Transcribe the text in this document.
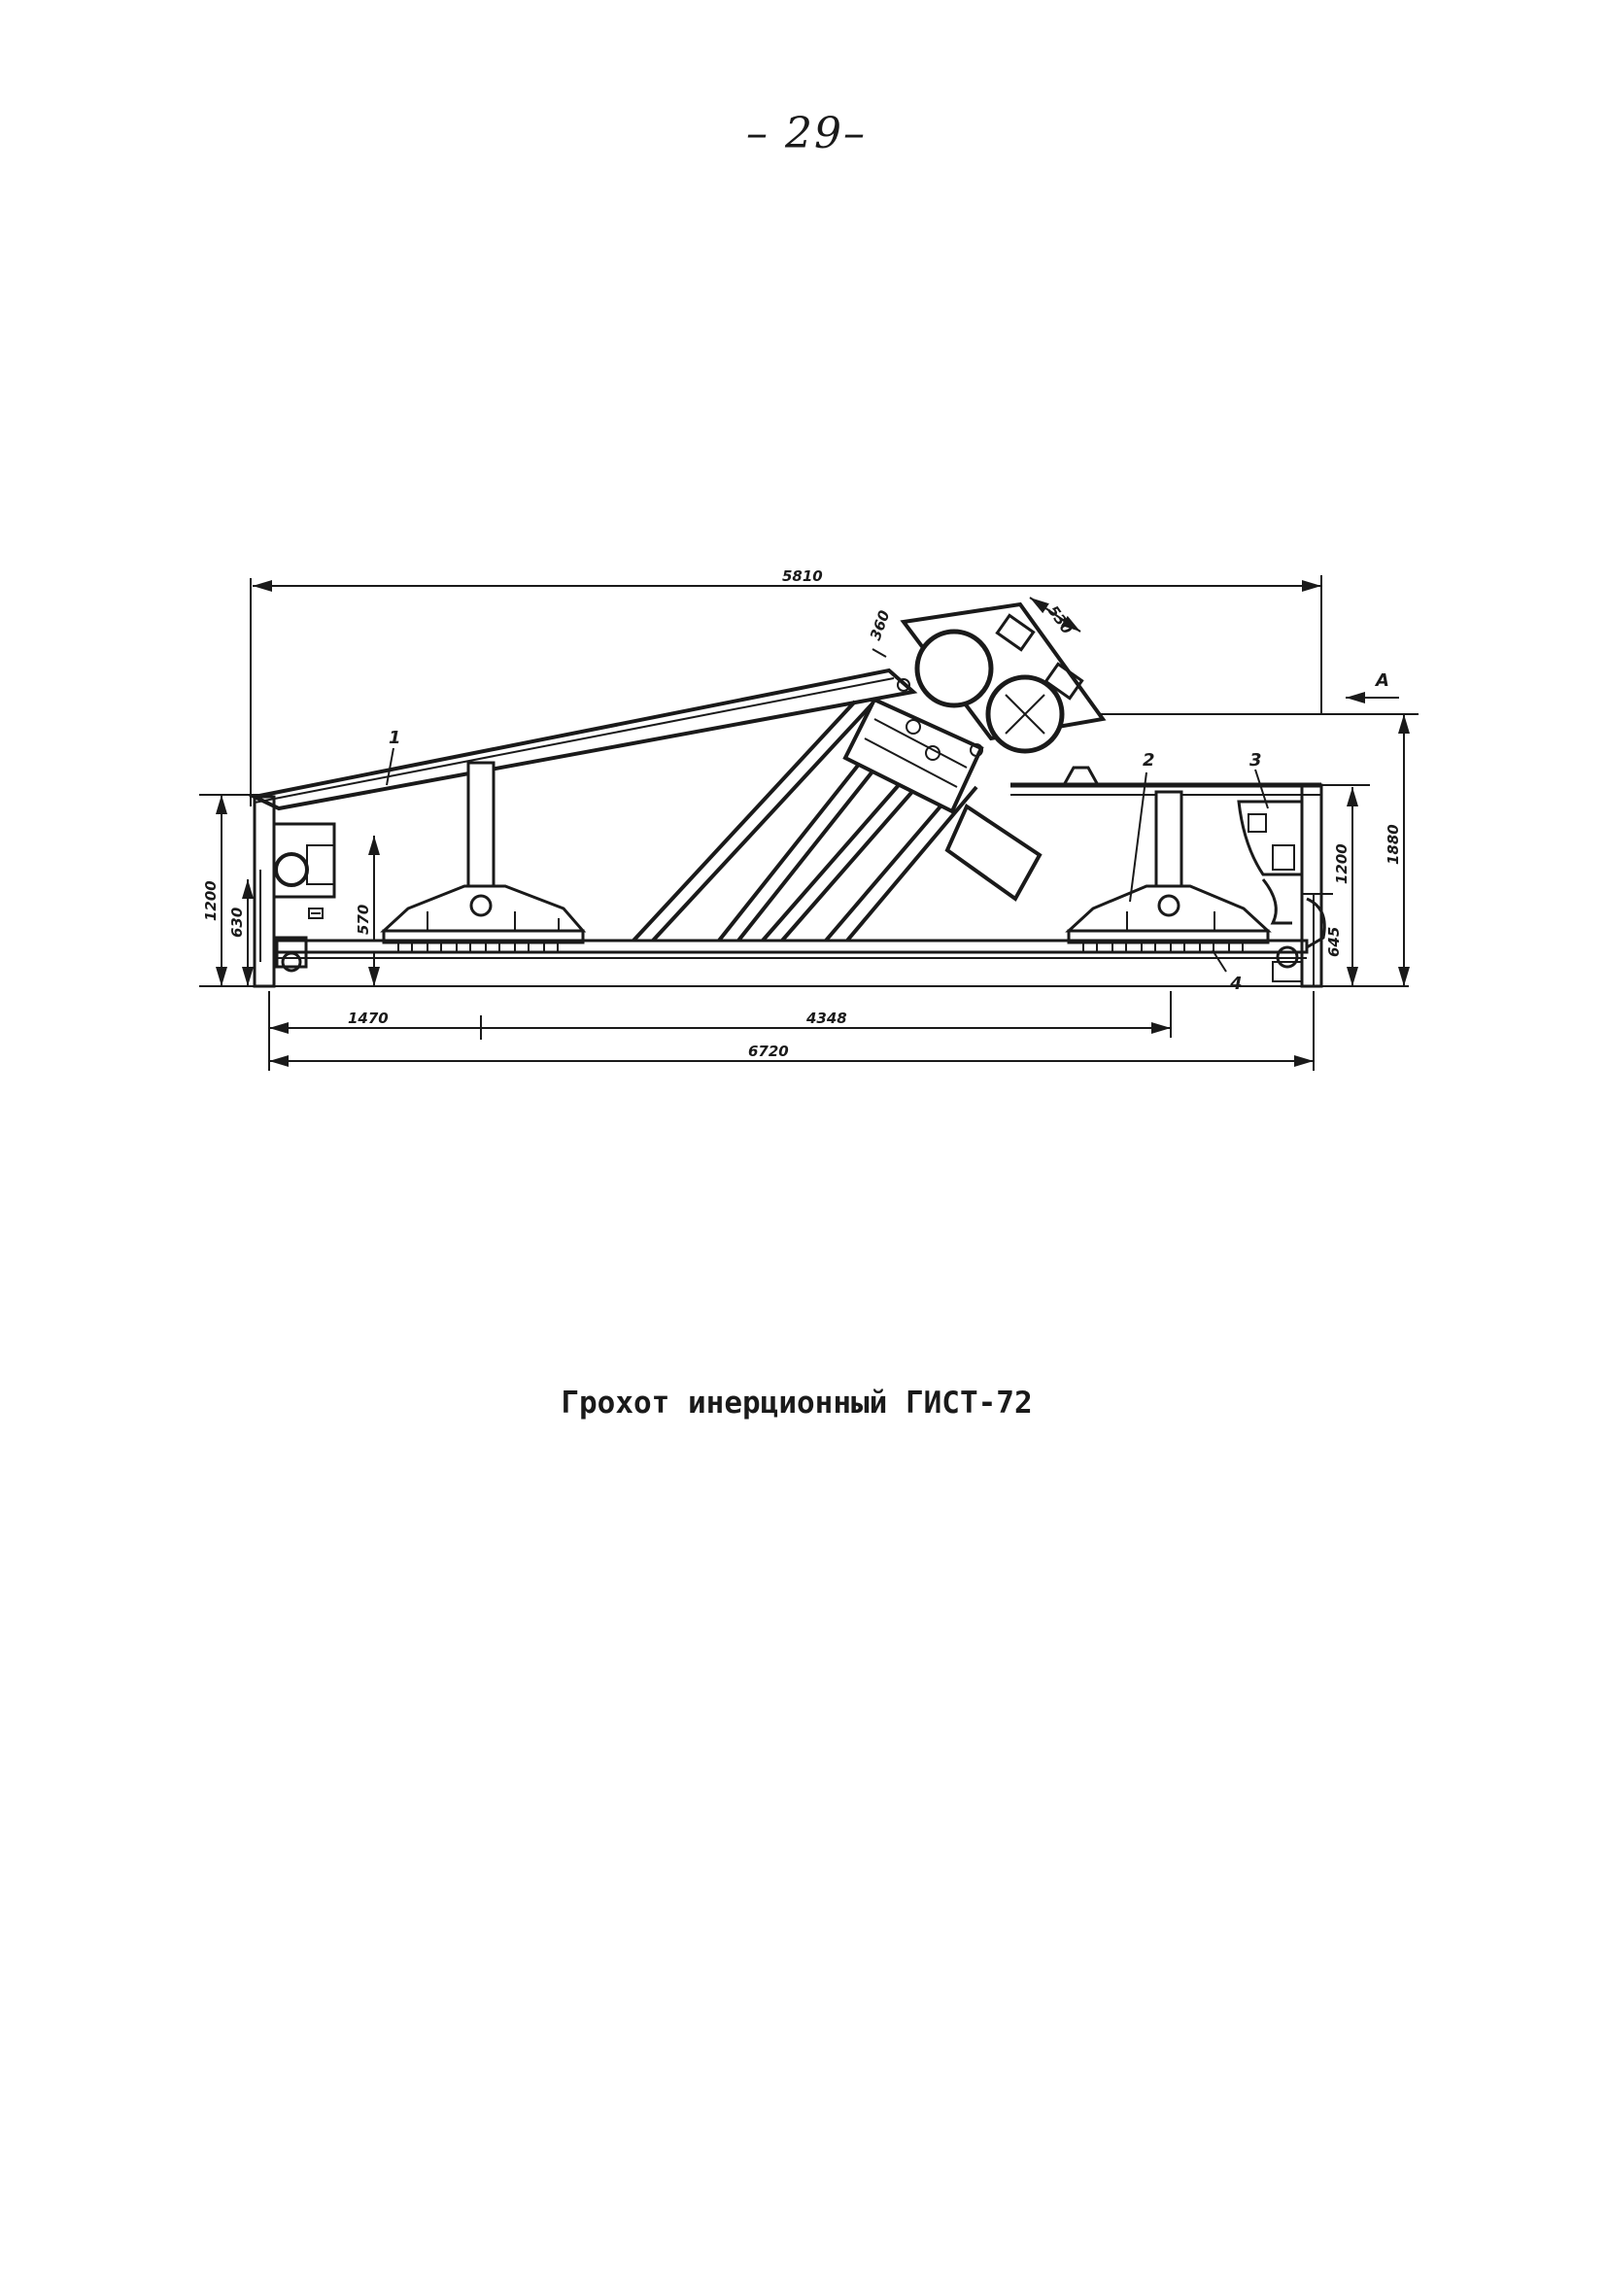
– 29–
5810
1470	4348
6720
1200
630	570
1200 1880
645
360	530
1
2	3
4
А
Грохот инерционный ГИСТ-72
